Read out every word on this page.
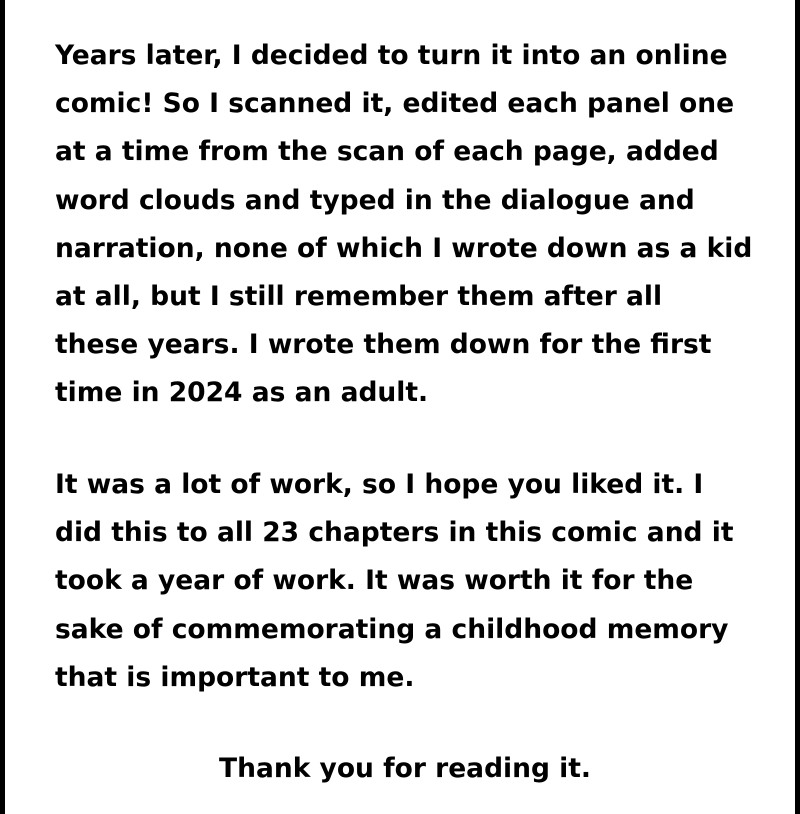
Years later, I decided to turn it into an online
comic! So I scanned it, edited each panel one
at a time from the scan of each page, added
word clouds and typed in the dialogue and
narration, none of which I wrote down as a kid
at all, but I still remember them after all
these years. I wrote them down for the first
time in 2024 as an adult.
It was a lot of work, so I hope you liked it. I
did this to all 23 chapters in this comic and it
took a year of work. It was worth it for the
sake of commemorating a childhood memory
that is important to me.
Thank you for reading it.
